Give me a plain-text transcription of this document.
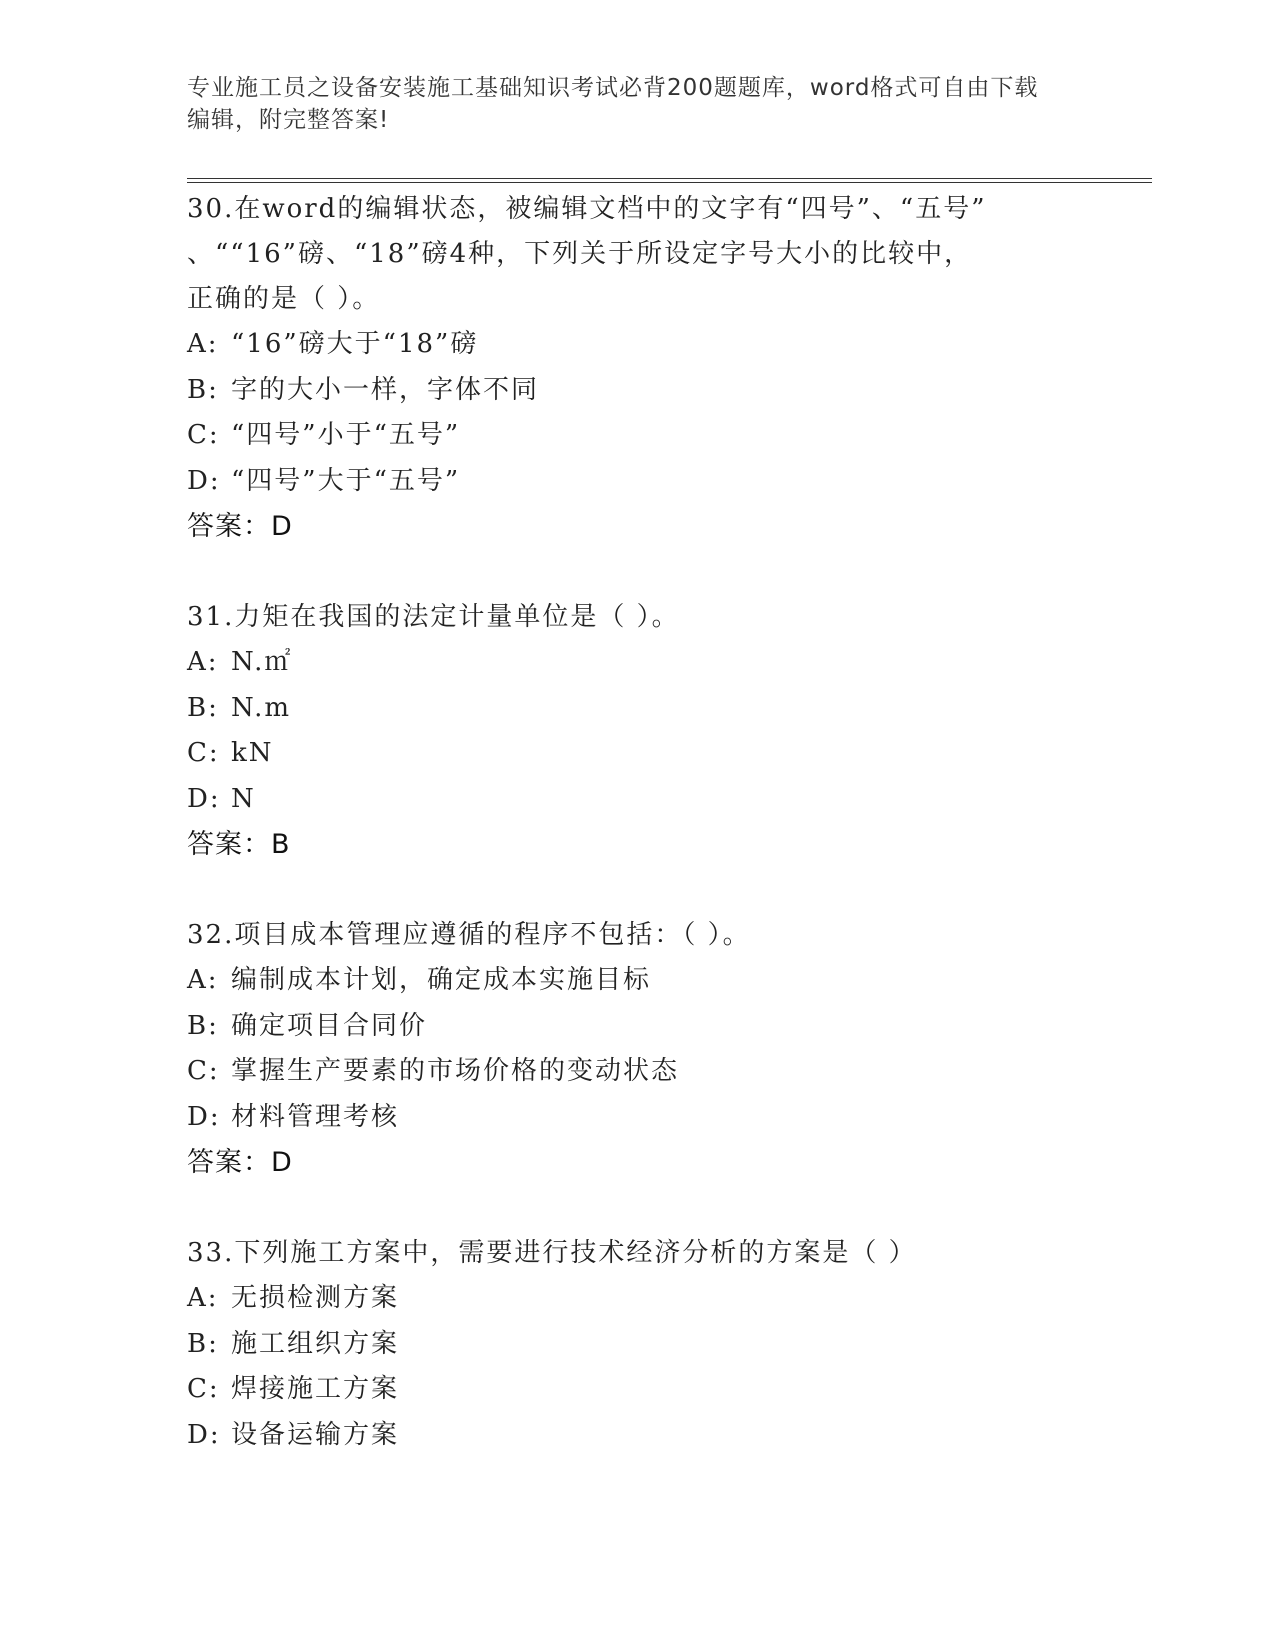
专业施工员之设备安装施工基础知识考试必背200题题库，word格式可自由下载
编辑，附完整答案!
30.在word的编辑状态，被编辑文档中的文字有“四号”、“五号”
、““16”磅、“18”磅4种，下列关于所设定字号大小的比较中，
正确的是（ ）。
A: “16”磅大于“18”磅
B: 字的大小一样，字体不同
C: “四号”小于“五号”
D: “四号”大于“五号”
答案：D
31.力矩在我国的法定计量单位是（ ）。
A: N.㎡
B: N.m
C: kN
D: N
答案：B
32.项目成本管理应遵循的程序不包括：（ ）。
A: 编制成本计划，确定成本实施目标
B: 确定项目合同价
C: 掌握生产要素的市场价格的变动状态
D: 材料管理考核
答案：D
33.下列施工方案中，需要进行技术经济分析的方案是（ ）
A: 无损检测方案
B: 施工组织方案
C: 焊接施工方案
D: 设备运输方案
